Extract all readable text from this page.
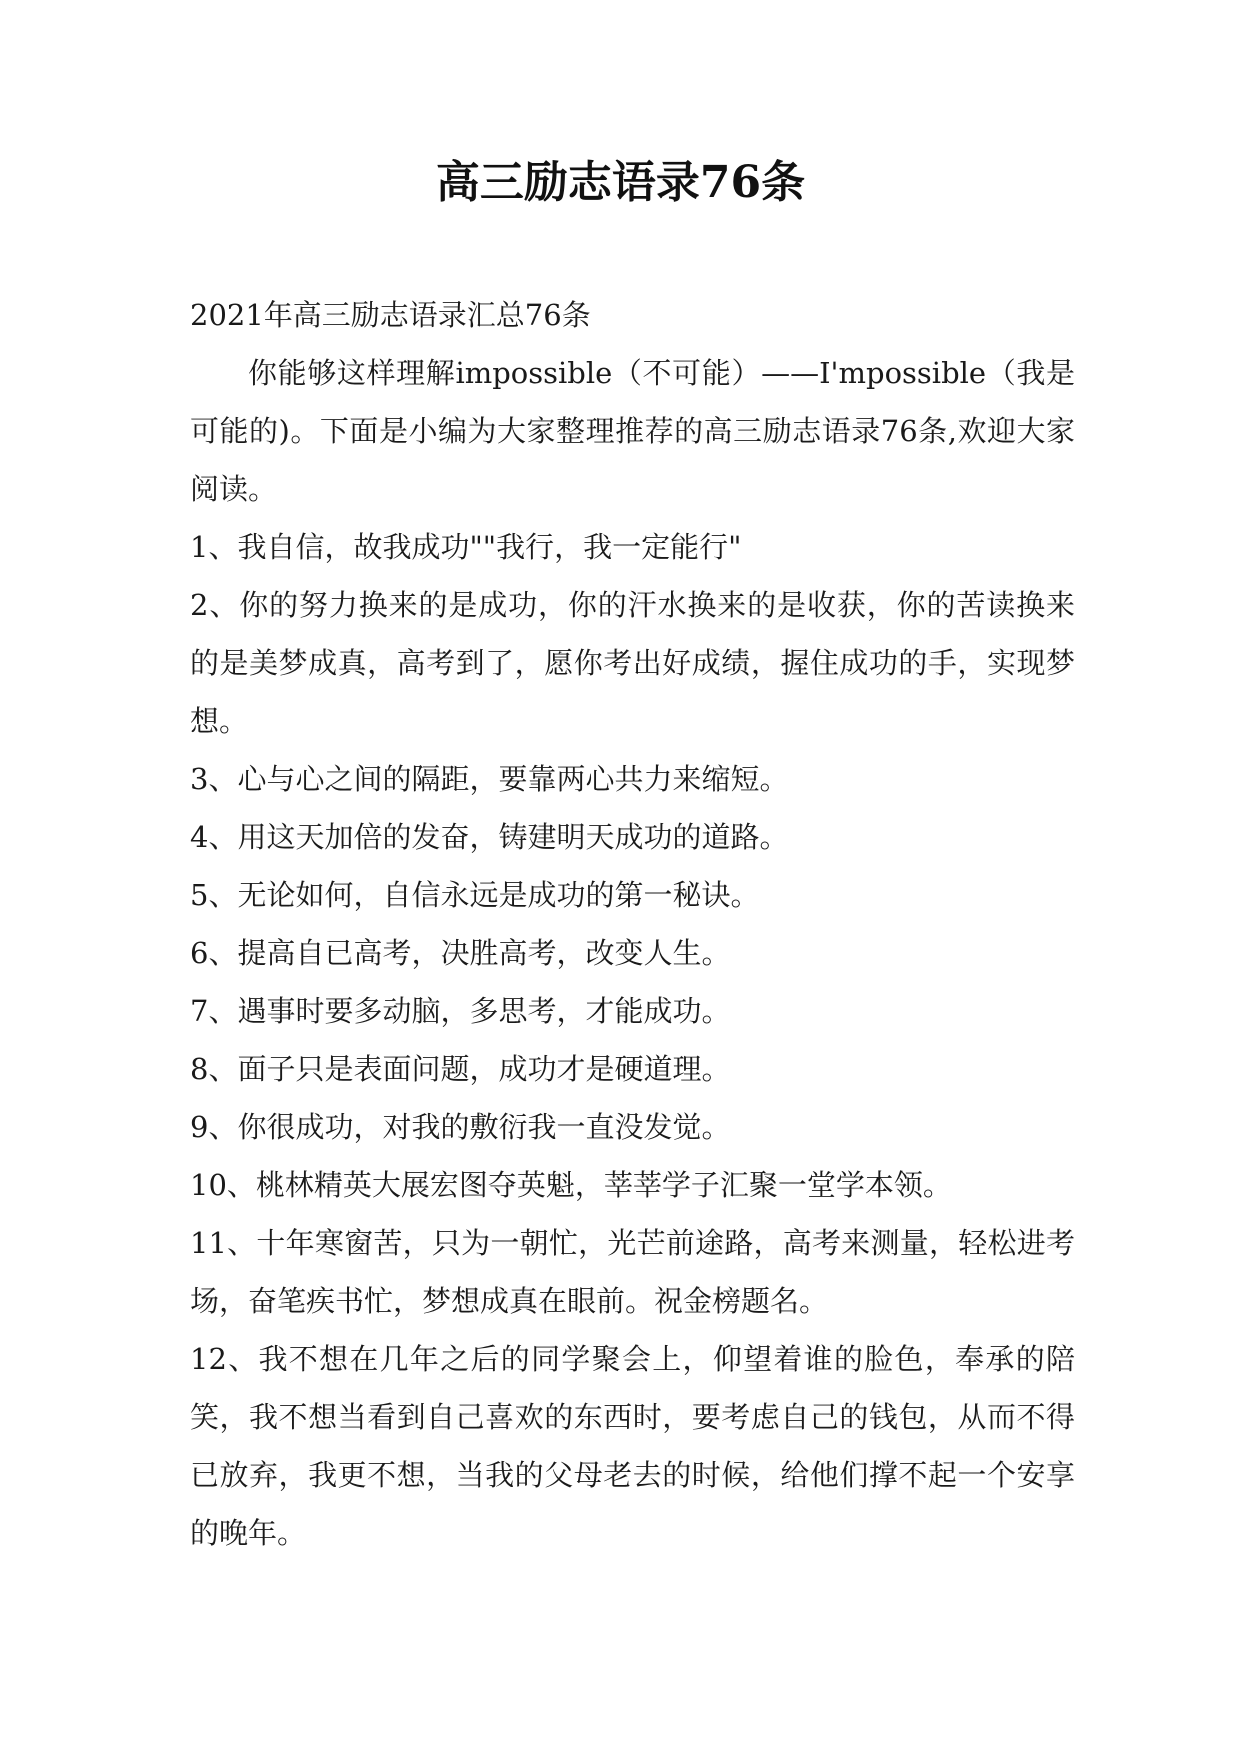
高三励志语录76条

2021年高三励志语录汇总76条

你能够这样理解impossible（不可能）——I'mpossible（我是可能的)。下面是小编为大家整理推荐的高三励志语录76条,欢迎大家阅读。

1、我自信，故我成功""我行，我一定能行"

2、你的努力换来的是成功，你的汗水换来的是收获，你的苦读换来的是美梦成真，高考到了，愿你考出好成绩，握住成功的手，实现梦想。

3、心与心之间的隔距，要靠两心共力来缩短。

4、用这天加倍的发奋，铸建明天成功的道路。

5、无论如何，自信永远是成功的第一秘诀。

6、提高自已高考，决胜高考，改变人生。

7、遇事时要多动脑，多思考，才能成功。

8、面子只是表面问题，成功才是硬道理。

9、你很成功，对我的敷衍我一直没发觉。

10、桃林精英大展宏图夺英魁，莘莘学子汇聚一堂学本领。

11、十年寒窗苦，只为一朝忙，光芒前途路，高考来测量，轻松进考场，奋笔疾书忙，梦想成真在眼前。祝金榜题名。

12、我不想在几年之后的同学聚会上，仰望着谁的脸色，奉承的陪笑，我不想当看到自己喜欢的东西时，要考虑自己的钱包，从而不得已放弃，我更不想，当我的父母老去的时候，给他们撑不起一个安享的晚年。
